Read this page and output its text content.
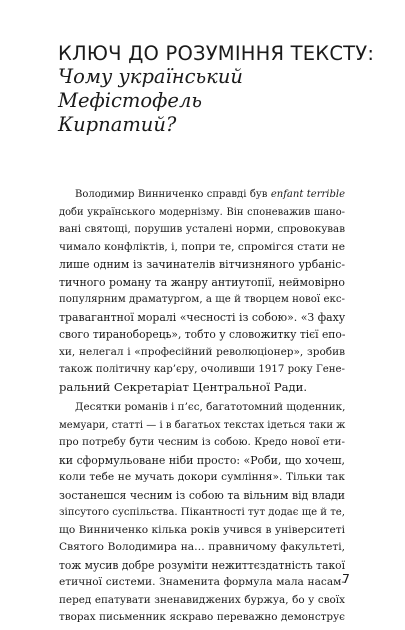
КЛЮЧ ДО РОЗУМІННЯ ТЕКСТУ:
Чому український Мефістофель
Кирпатий?
Володимир Винниченко справді був enfant terrible
доби українського модернізму. Він споневажив шано-
вані святощі, порушив усталені норми, спровокував
чимало конфліктів, і, попри те, спромігся стати не
лише одним із зачинателів вітчизняного урбаніс-
тичного роману та жанру антиутопії, неймовірно
популярним драматургом, а ще й творцем нової екс-
травагантної моралі «чесності із собою». «З фаху
свого тираноборець», тобто у словожитку тієї епо-
хи, нелегал і «професійний революціонер», зробив
також політичну кар’єру, очоливши 1917 року Гене-
ральний Секретаріат Центральної Ради.
Десятки романів і п’єс, багатотомний щоденник,
мемуари, статті — і в багатьох текстах ідеться таки ж
про потребу бути чесним із собою. Кредо нової ети-
ки сформульоване ніби просто: «Роби, що хочеш,
коли тебе не мучать докори сумління». Тільки так
зостанешся чесним із собою та вільним від влади
зіпсутого суспільства. Пікантності тут додає ще й те,
що Винниченко кілька років учився в університеті
Святого Володимира на… правничому факультеті,
тож мусив добре розуміти нежиттєздатність такої
етичної системи. Знаменита формула мала насам-
перед епатувати зненавиджених буржуа, бо у своїх
творах письменник яскраво переважно демонструє
7
